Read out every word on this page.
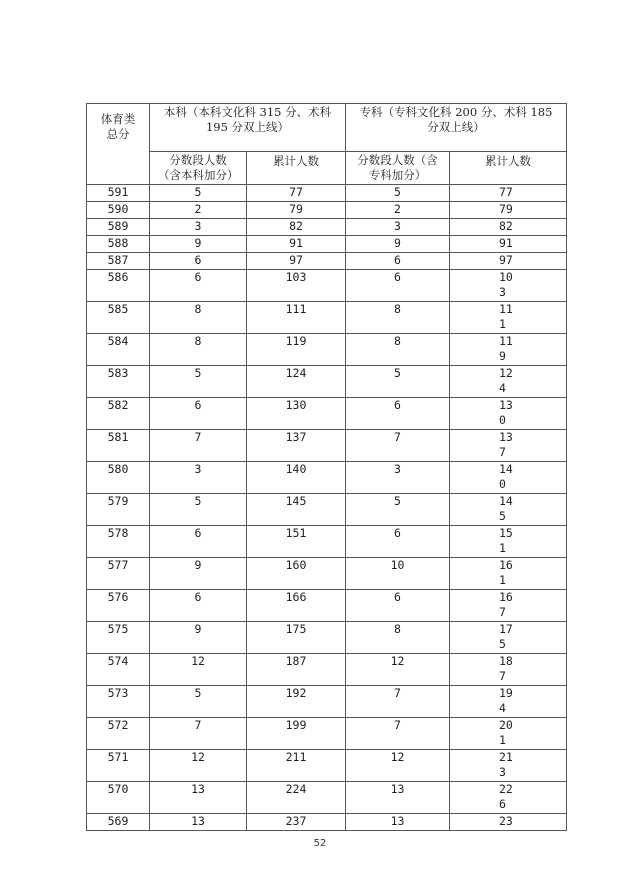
体育类总分	本科（本科文化科 315 分、术科 195 分双上线）		专科（专科文化科 200 分、术科 185 分双上线）	
	分数段人数（含本科加分）	累计人数	分数段人数（含专科加分）	累计人数
591	5	77	5	77
590	2	79	2	79
589	3	82	3	82
588	9	91	9	91
587	6	97	6	97
586	6	103	6	103
585	8	111	8	111
584	8	119	8	119
583	5	124	5	124
582	6	130	6	130
581	7	137	7	137
580	3	140	3	140
579	5	145	5	145
578	6	151	6	151
577	9	160	10	161
576	6	166	6	167
575	9	175	8	175
574	12	187	12	187
573	5	192	7	194
572	7	199	7	201
571	12	211	12	213
570	13	224	13	226
569	13	237	13	23
52
